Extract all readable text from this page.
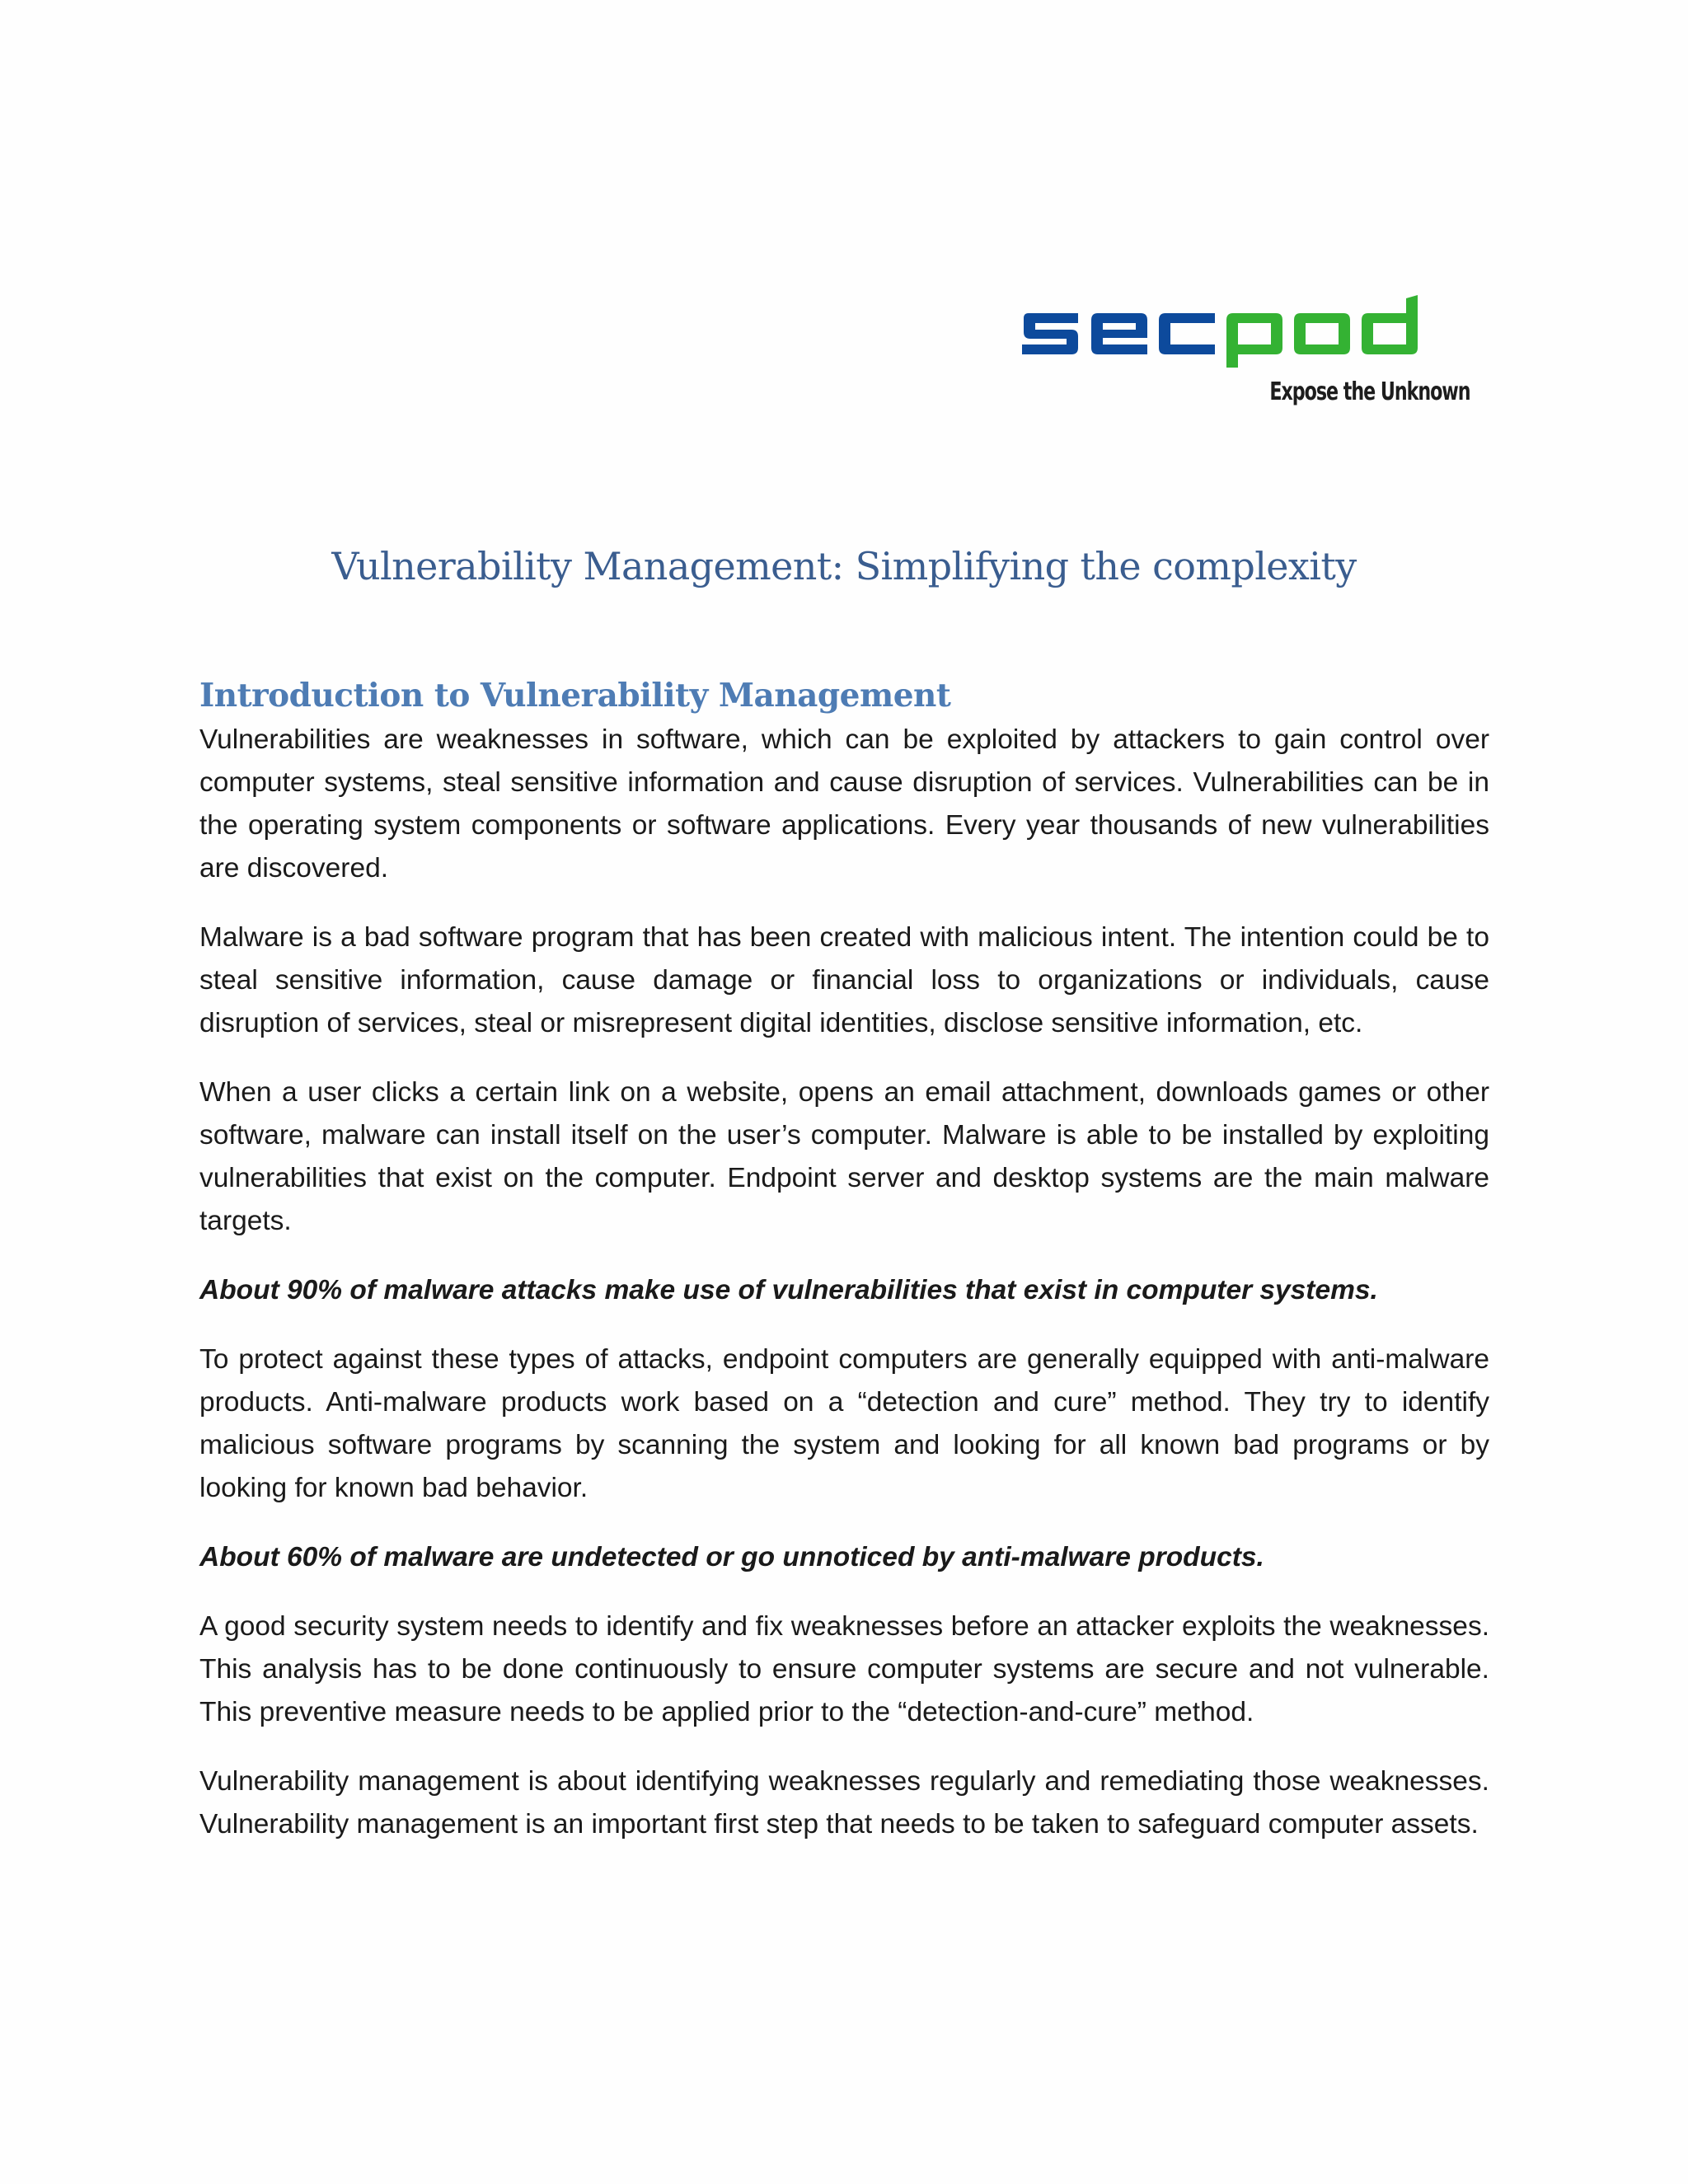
Expose the Unknown
Vulnerability Management: Simplifying the complexity
Introduction to Vulnerability Management

Vulnerabilities are weaknesses in software, which can be exploited by attackers to gain control over computer systems, steal sensitive information and cause disruption of services. Vulnerabilities can be in the operating system components or software applications. Every year thousands of new vulnerabilities are discovered.

Malware is a bad software program that has been created with malicious intent. The intention could be to steal sensitive information, cause damage or financial loss to organizations or individuals, cause disruption of services, steal or misrepresent digital identities, disclose sensitive information, etc.

When a user clicks a certain link on a website, opens an email attachment, downloads games or other software, malware can install itself on the user’s computer. Malware is able to be installed by exploiting vulnerabilities that exist on the computer. Endpoint server and desktop systems are the main malware targets.

About 90% of malware attacks make use of vulnerabilities that exist in computer systems.

To protect against these types of attacks, endpoint computers are generally equipped with anti-malware products. Anti-malware products work based on a “detection and cure” method. They try to identify malicious software programs by scanning the system and looking for all known bad programs or by looking for known bad behavior.

About 60% of malware are undetected or go unnoticed by anti-malware products.

A good security system needs to identify and fix weaknesses before an attacker exploits the weaknesses. This analysis has to be done continuously to ensure computer systems are secure and not vulnerable. This preventive measure needs to be applied prior to the “detection-and-cure” method.

Vulnerability management is about identifying weaknesses regularly and remediating those weaknesses. Vulnerability management is an important first step that needs to be taken to safeguard computer assets.
